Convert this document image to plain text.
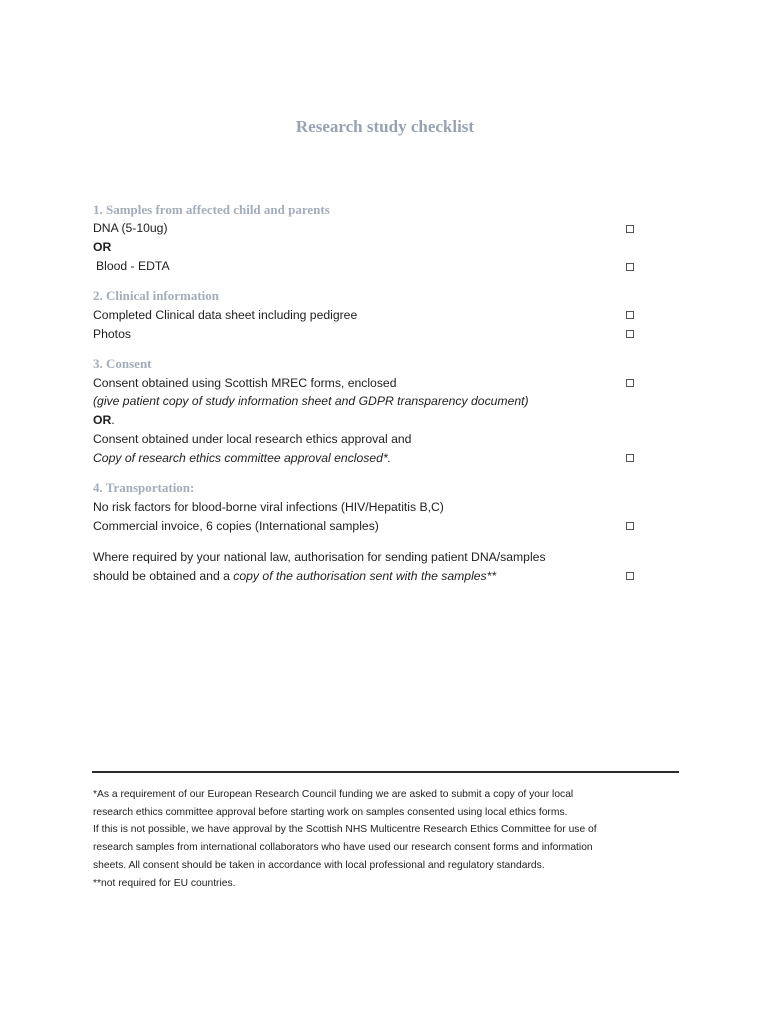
Research study checklist
1. Samples from affected child and parents
DNA (5-10ug)
OR
Blood - EDTA
2. Clinical information
Completed Clinical data sheet including pedigree
Photos
3. Consent
Consent obtained using Scottish MREC forms, enclosed
(give patient copy of study information sheet and GDPR transparency document)
OR.
Consent obtained under local research ethics approval and
Copy of research ethics committee approval enclosed*.
4. Transportation:
No risk factors for blood-borne viral infections (HIV/Hepatitis B,C)
Commercial invoice, 6 copies (International samples)
Where required by your national law, authorisation for sending patient DNA/samples
should be obtained and a copy of the authorisation sent with the samples**
*As a requirement of our European Research Council funding we are asked to submit a copy of your local
research ethics committee approval before starting work on samples consented using local ethics forms.
If this is not possible, we have approval by the Scottish NHS Multicentre Research Ethics Committee for use of
research samples from international collaborators who have used our research consent forms and information
sheets. All consent should be taken in accordance with local professional and regulatory standards.
**not required for EU countries.
